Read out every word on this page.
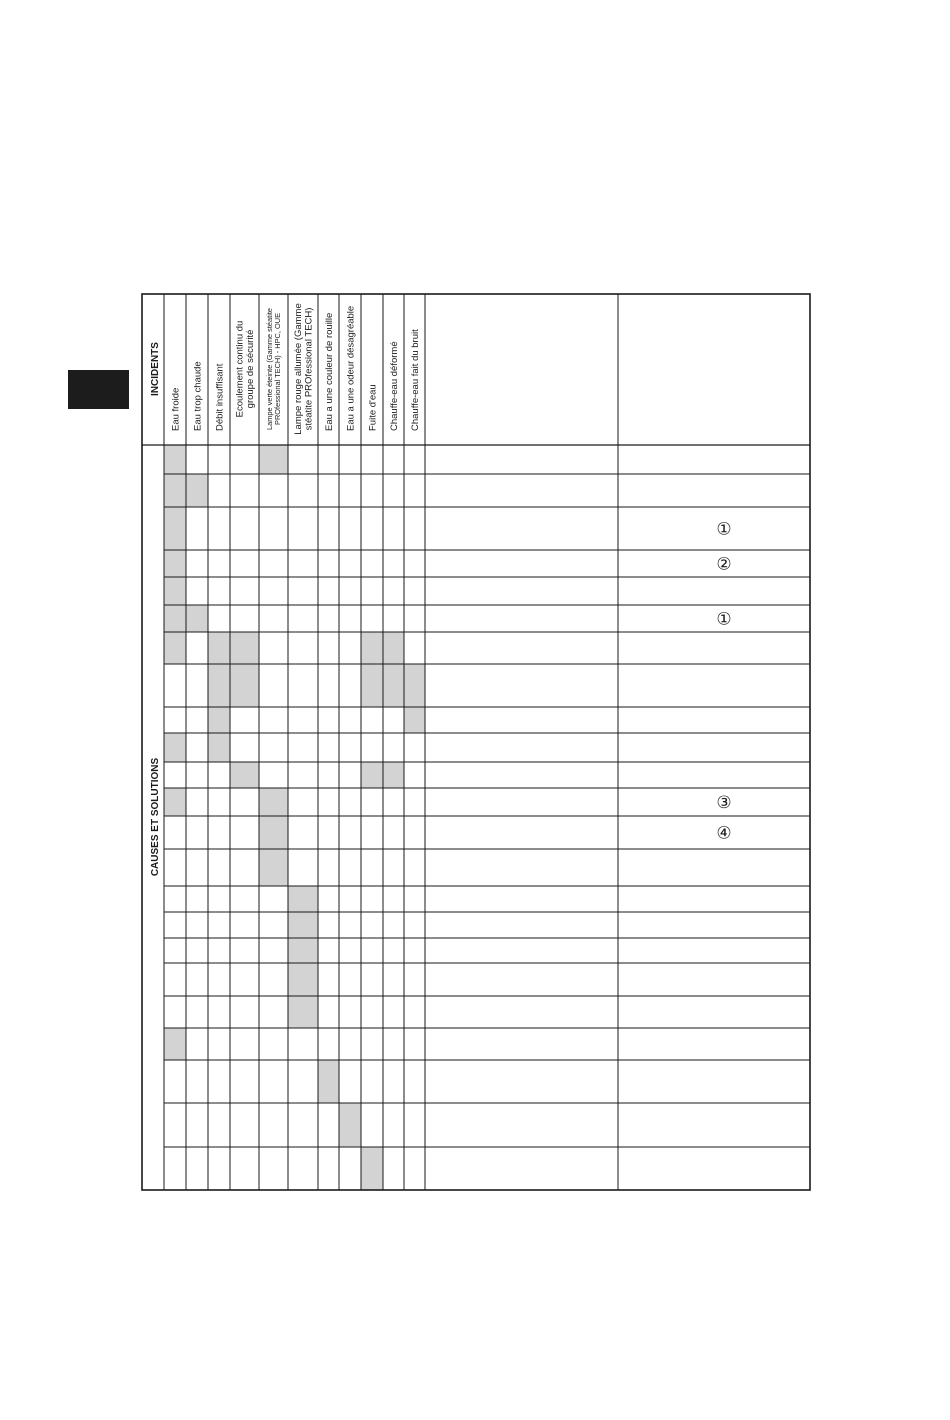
INCIDENTS
CAUSES ET SOLUTIONS
Eau froide Eau trop chaude Débit insuffisant Ecoulement continu du groupe de sécurité Lampe verte éteinte (Gamme stéatite PROfessional TECH) - HPC, OUE Lampe rouge allumée (Gamme stéatite PROfessional TECH) Eau a une couleur de rouille Eau a une odeur désagréable Fuite d'eau Chauffe-eau déformé Chauffe-eau fait du bruit
①
②
①
③
④
